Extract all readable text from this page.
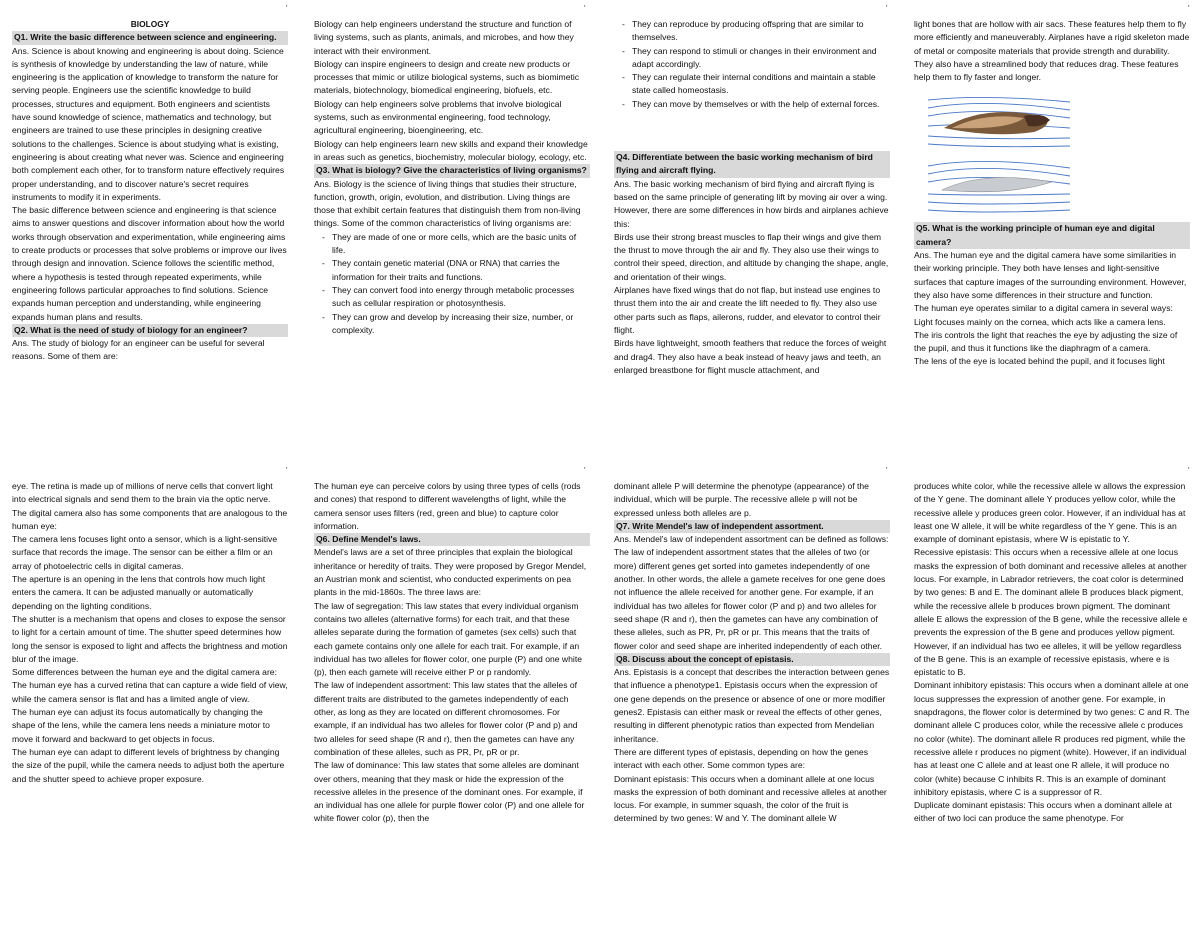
'	'	'	'
'	'	'	'

BIOLOGY

Q1. Write the basic difference between science and engineering.

Ans. Science is about knowing and engineering is about doing. Science is synthesis of knowledge by understanding the law of nature, while engineering is the application of knowledge to transform the nature for serving people. Engineers use the scientific knowledge to build processes, structures and equipment. Both engineers and scientists have sound knowledge of science, mathematics and technology, but engineers are trained to use these principles in designing creative solutions to the challenges. Science is about studying what is existing, engineering is about creating what never was. Science and engineering both complement each other, for to transform nature effectively requires proper understanding, and to discover nature's secret requires instruments to modify it in experiments.

The basic difference between science and engineering is that science aims to answer questions and discover information about how the world works through observation and experimentation, while engineering aims to create products or processes that solve problems or improve our lives through design and innovation. Science follows the scientific method, where a hypothesis is tested through repeated experiments, while engineering follows particular approaches to find solutions. Science expands human perception and understanding, while engineering expands human plans and results.

Q2. What is the need of study of biology for an engineer?

Ans. The study of biology for an engineer can be useful for several reasons. Some of them are:

Biology can help engineers understand the structure and function of living systems, such as plants, animals, and microbes, and how they interact with their environment.

Biology can inspire engineers to design and create new products or processes that mimic or utilize biological systems, such as biomimetic materials, biotechnology, biomedical engineering, biofuels, etc.

Biology can help engineers solve problems that involve biological systems, such as environmental engineering, food technology, agricultural engineering, bioengineering, etc.

Biology can help engineers learn new skills and expand their knowledge in areas such as genetics, biochemistry, molecular biology, ecology, etc.

Q3. What is biology? Give the characteristics of living organisms?

Ans. Biology is the science of living things that studies their structure, function, growth, origin, evolution, and distribution. Living things are those that exhibit certain features that distinguish them from non-living things. Some of the common characteristics of living organisms are:

- They are made of one or more cells, which are the basic units of life.
- They contain genetic material (DNA or RNA) that carries the information for their traits and functions.
- They can convert food into energy through metabolic processes such as cellular respiration or photosynthesis.
- They can grow and develop by increasing their size, number, or complexity.
- They can reproduce by producing offspring that are similar to themselves.
- They can respond to stimuli or changes in their environment and adapt accordingly.
- They can regulate their internal conditions and maintain a stable state called homeostasis.
- They can move by themselves or with the help of external forces.

Q4. Differentiate between the basic working mechanism of bird flying and aircraft flying.

Ans. The basic working mechanism of bird flying and aircraft flying is based on the same principle of generating lift by moving air over a wing. However, there are some differences in how birds and airplanes achieve this:

Birds use their strong breast muscles to flap their wings and give them the thrust to move through the air and fly. They also use their wings to control their speed, direction, and altitude by changing the shape, angle, and orientation of their wings.

Airplanes have fixed wings that do not flap, but instead use engines to thrust them into the air and create the lift needed to fly. They also use other parts such as flaps, ailerons, rudder, and elevator to control their flight.

Birds have lightweight, smooth feathers that reduce the forces of weight and drag4. They also have a beak instead of heavy jaws and teeth, an enlarged breastbone for flight muscle attachment, and

light bones that are hollow with air sacs. These features help them to fly more efficiently and maneuverably. Airplanes have a rigid skeleton made of metal or composite materials that provide strength and durability. They also have a streamlined body that reduces drag. These features help them to fly faster and longer.

Q5. What is the working principle of human eye and digital camera?

Ans. The human eye and the digital camera have some similarities in their working principle. They both have lenses and light-sensitive surfaces that capture images of the surrounding environment. However, they also have some differences in their structure and function.

The human eye operates similar to a digital camera in several ways:

Light focuses mainly on the cornea, which acts like a camera lens.

The iris controls the light that reaches the eye by adjusting the size of the pupil, and thus it functions like the diaphragm of a camera.

The lens of the eye is located behind the pupil, and it focuses light

eye. The retina is made up of millions of nerve cells that convert light into electrical signals and send them to the brain via the optic nerve.

The digital camera also has some components that are analogous to the human eye:

The camera lens focuses light onto a sensor, which is a light-sensitive surface that records the image. The sensor can be either a film or an array of photoelectric cells in digital cameras.

The aperture is an opening in the lens that controls how much light enters the camera. It can be adjusted manually or automatically depending on the lighting conditions.

The shutter is a mechanism that opens and closes to expose the sensor to light for a certain amount of time. The shutter speed determines how long the sensor is exposed to light and affects the brightness and motion blur of the image.

Some differences between the human eye and the digital camera are:

The human eye has a curved retina that can capture a wide field of view, while the camera sensor is flat and has a limited angle of view.

The human eye can adjust its focus automatically by changing the shape of the lens, while the camera lens needs a miniature motor to move it forward and backward to get objects in focus.

The human eye can adapt to different levels of brightness by changing the size of the pupil, while the camera needs to adjust both the aperture and the shutter speed to achieve proper exposure.

The human eye can perceive colors by using three types of cells (rods and cones) that respond to different wavelengths of light, while the camera sensor uses filters (red, green and blue) to capture color information.

Q6. Define Mendel's laws.

Mendel's laws are a set of three principles that explain the biological inheritance or heredity of traits. They were proposed by Gregor Mendel, an Austrian monk and scientist, who conducted experiments on pea plants in the mid-1860s. The three laws are:

The law of segregation: This law states that every individual organism contains two alleles (alternative forms) for each trait, and that these alleles separate during the formation of gametes (sex cells) such that each gamete contains only one allele for each trait. For example, if an individual has two alleles for flower color, one purple (P) and one white (p), then each gamete will receive either P or p randomly.

The law of independent assortment: This law states that the alleles of different traits are distributed to the gametes independently of each other, as long as they are located on different chromosomes. For example, if an individual has two alleles for flower color (P and p) and two alleles for seed shape (R and r), then the gametes can have any combination of these alleles, such as PR, Pr, pR or pr.

The law of dominance: This law states that some alleles are dominant over others, meaning that they mask or hide the expression of the recessive alleles in the presence of the dominant ones. For example, if an individual has one allele for purple flower color (P) and one allele for white flower color (p), then the

dominant allele P will determine the phenotype (appearance) of the individual, which will be purple. The recessive allele p will not be expressed unless both alleles are p.

Q7. Write Mendel's law of independent assortment.

Ans. Mendel's law of independent assortment can be defined as follows:

The law of independent assortment states that the alleles of two (or more) different genes get sorted into gametes independently of one another. In other words, the allele a gamete receives for one gene does not influence the allele received for another gene. For example, if an individual has two alleles for flower color (P and p) and two alleles for seed shape (R and r), then the gametes can have any combination of these alleles, such as PR, Pr, pR or pr. This means that the traits of flower color and seed shape are inherited independently of each other.

Q8. Discuss about the concept of epistasis.

Ans. Epistasis is a concept that describes the interaction between genes that influence a phenotype1. Epistasis occurs when the expression of one gene depends on the presence or absence of one or more modifier genes2. Epistasis can either mask or reveal the effects of other genes, resulting in different phenotypic ratios than expected from Mendelian inheritance.

There are different types of epistasis, depending on how the genes interact with each other. Some common types are:

Dominant epistasis: This occurs when a dominant allele at one locus masks the expression of both dominant and recessive alleles at another locus. For example, in summer squash, the color of the fruit is determined by two genes: W and Y. The dominant allele W

produces white color, while the recessive allele w allows the expression of the Y gene. The dominant allele Y produces yellow color, while the recessive allele y produces green color. However, if an individual has at least one W allele, it will be white regardless of the Y gene. This is an example of dominant epistasis, where W is epistatic to Y.

Recessive epistasis: This occurs when a recessive allele at one locus masks the expression of both dominant and recessive alleles at another locus. For example, in Labrador retrievers, the coat color is determined by two genes: B and E. The dominant allele B produces black pigment, while the recessive allele b produces brown pigment. The dominant allele E allows the expression of the B gene, while the recessive allele e prevents the expression of the B gene and produces yellow pigment. However, if an individual has two ee alleles, it will be yellow regardless of the B gene. This is an example of recessive epistasis, where e is epistatic to B.

Dominant inhibitory epistasis: This occurs when a dominant allele at one locus suppresses the expression of another gene. For example, in snapdragons, the flower color is determined by two genes: C and R. The dominant allele C produces color, while the recessive allele c produces no color (white). The dominant allele R produces red pigment, while the recessive allele r produces no pigment (white). However, if an individual has at least one C allele and at least one R allele, it will produce no color (white) because C inhibits R. This is an example of dominant inhibitory epistasis, where C is a suppressor of R.

Duplicate dominant epistasis: This occurs when a dominant allele at either of two loci can produce the same phenotype. For
